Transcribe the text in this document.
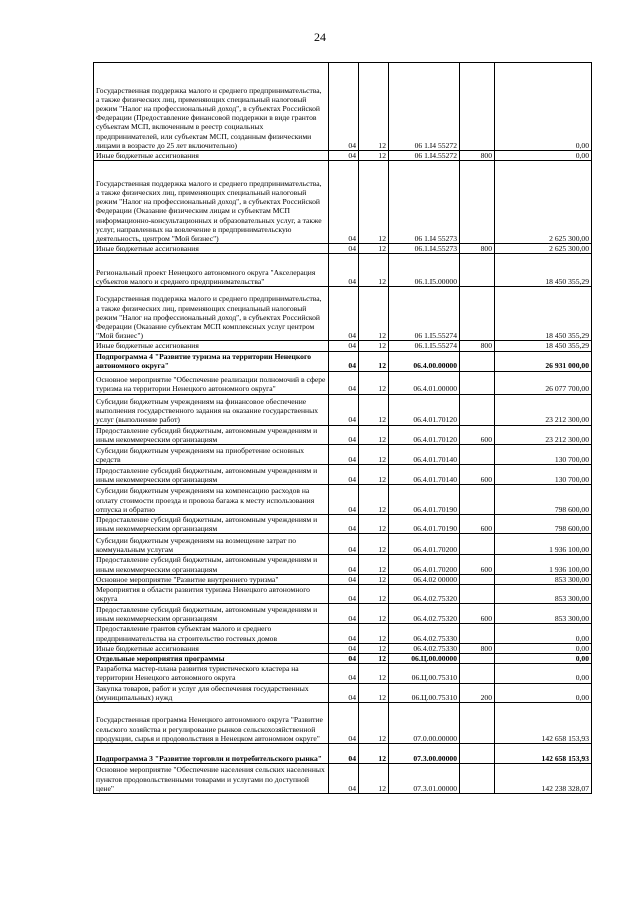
24
Государственная поддержка малого и среднего предпринимательства, а также физических лиц, применяющих специальный налоговый режим "Налог на профессиональный доход", в субъектах Российской Федерации (Предоставление финансовой поддержки в виде грантов субъектам МСП, включенным в реестр социальных предпринимателей, или субъектам МСП, созданным физическими лицами в возрасте до 25 лет включительно)	04	12	06 1.I4 55272		0,00
Иные бюджетные ассигнования	04	12	06 1.I4.55272	800	0,00
Государственная поддержка малого и среднего предпринимательства, а также физических лиц, применяющих специальный налоговый режим "Налог на профессиональный доход", в субъектах Российской Федерации (Оказание физическим лицам и субъектам МСП информационно-консультационных и образовательных услуг, а также услуг, направленных на вовлечение в предпринимательскую деятельность, центром "Мой бизнес")	04	12	06 1.I4 55273		2 625 300,00
Иные бюджетные ассигнования	04	12	06.1.I4.55273	800	2 625 300,00
Региональный проект Ненецкого автономного округа "Акселерация субъектов малого и среднего предпринимательства"	04	12	06.1.I5.00000		18 450 355,29
Государственная поддержка малого и среднего предпринимательства, а также физических лиц, применяющих специальный налоговый режим "Налог на профессиональный доход", в субъектах Российской Федерации (Оказание субъектам МСП комплексных услуг центром "Мой бизнес")	04	12	06 1.I5.55274		18 450 355,29
Иные бюджетные ассигнования	04	12	06.1.I5.55274	800	18 450 355,29
Подпрограмма 4 "Развитие туризма на территории Ненецкого автономного округа"	04	12	06.4.00.00000		26 931 000,00
Основное мероприятие "Обеспечение реализации полномочий в сфере туризма на территории Ненецкого автономного округа"	04	12	06.4.01.00000		26 077 700,00
Субсидии бюджетным учреждениям на финансовое обеспечение выполнения государственного задания на оказание государственных услуг (выполнение работ)	04	12	06.4.01.70120		23 212 300,00
Предоставление субсидий бюджетным, автономным учреждениям и иным некоммерческим организациям	04	12	06.4.01.70120	600	23 212 300,00
Субсидии бюджетным учреждениям на приобретение основных средств	04	12	06.4.01.70140		130 700,00
Предоставление субсидий бюджетным, автономным учреждениям и иным некоммерческим организациям	04	12	06.4.01.70140	600	130 700,00
Субсидии бюджетным учреждениям на компенсацию расходов на оплату стоимости проезда и провоза багажа к месту использования отпуска и обратно	04	12	06.4.01.70190		798 600,00
Предоставление субсидий бюджетным, автономным учреждениям и иным некоммерческим организациям	04	12	06.4.01.70190	600	798 600,00
Субсидии бюджетным учреждениям на возмещение затрат по коммунальным услугам	04	12	06.4.01.70200		1 936 100,00
Предоставление субсидий бюджетным, автономным учреждениям и иным некоммерческим организациям	04	12	06.4.01.70200	600	1 936 100,00
Основное мероприятие "Развитие внутреннего туризма"	04	12	06.4.02 00000		853 300,00
Мероприятия в области развития туризма Ненецкого автономного округа	04	12	06.4.02.75320		853 300,00
Предоставление субсидий бюджетным, автономным учреждениям и иным некоммерческим организациям	04	12	06.4.02.75320	600	853 300,00
Предоставление грантов субъектам малого и среднего предпринимательства на строительство гостевых домов	04	12	06.4.02.75330		0,00
Иные бюджетные ассигнования	04	12	06.4.02.75330	800	0,00
Отдельные мероприятия программы	04	12	06.Ц.00.00000		0,00
Разработка мастер-плана развития туристического кластера на территории Ненецкого автономного округа	04	12	06.Ц.00.75310		0,00
Закупка товаров, работ и услуг для обеспечения государственных (муниципальных) нужд	04	12	06.Ц.00.75310	200	0,00
Государственная программа Ненецкого автономного округа "Развитие сельского хозяйства и регулирование рынков сельскохозяйственной продукции, сырья и продовольствия в Ненецком автономном округе"	04	12	07.0.00.00000		142 658 153,93
Подпрограмма 3 "Развитие торговли и потребительского рынка"	04	12	07.3.00.00000		142 658 153,93
Основное мероприятие "Обеспечение населения сельских населенных пунктов продовольственными товарами и услугами по доступной цене"	04	12	07.3.01.00000		142 238 328,07
